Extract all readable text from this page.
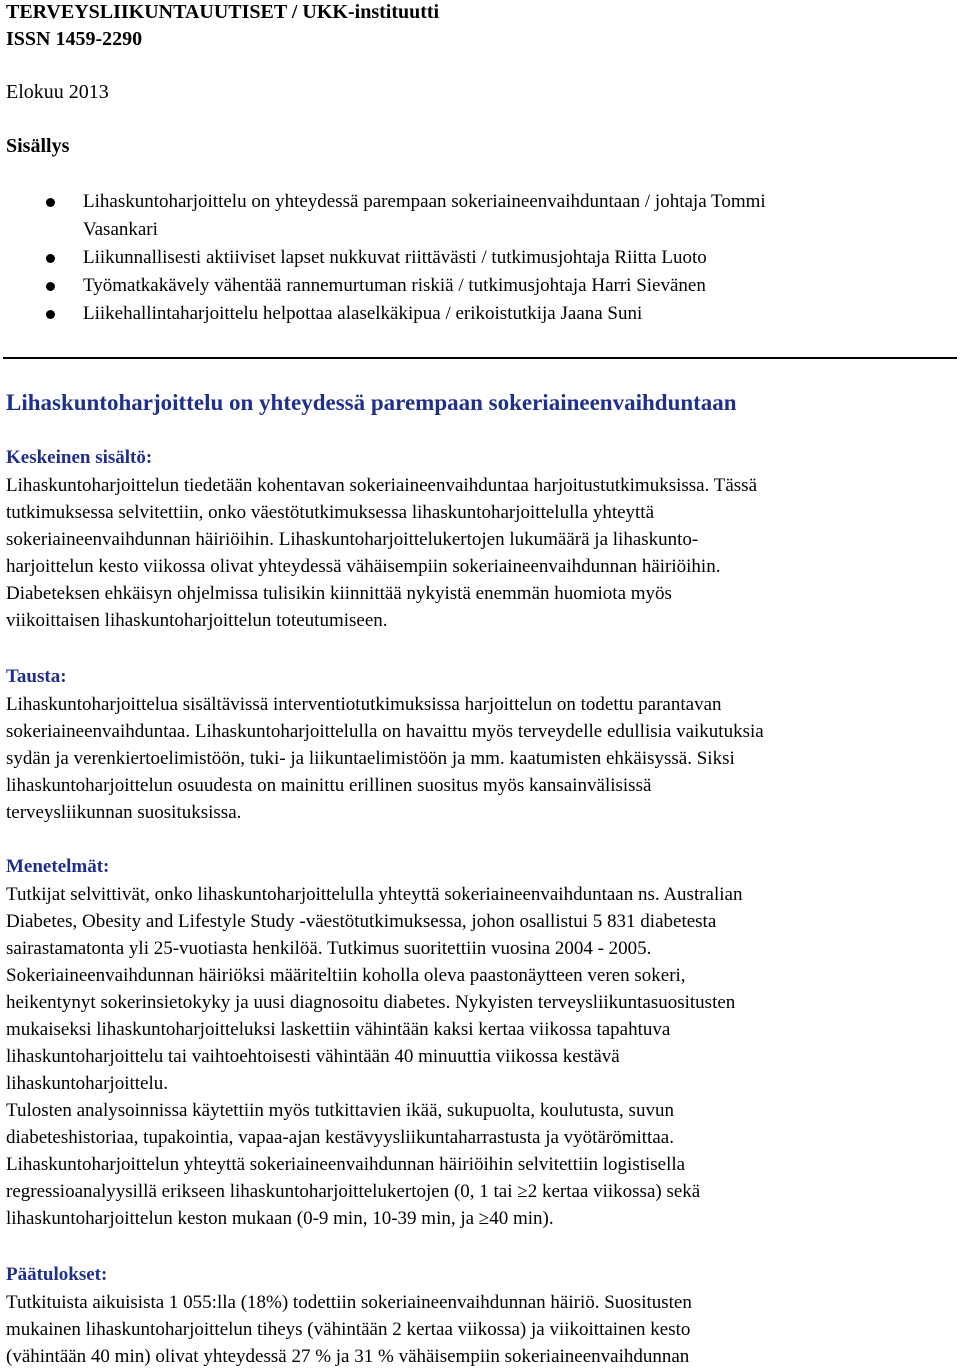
TERVEYSLIIKUNTAUUTISET / UKK-instituutti
ISSN 1459-2290
Elokuu 2013
Sisällys
Lihaskuntoharjoittelu on yhteydessä parempaan sokeriaineenvaihduntaan / johtaja Tommi
Vasankari
Liikunnallisesti aktiiviset lapset nukkuvat riittävästi / tutkimusjohtaja Riitta Luoto
Työmatkakävely vähentää rannemurtuman riskiä / tutkimusjohtaja Harri Sievänen
Liikehallintaharjoittelu helpottaa alaselkäkipua / erikoistutkija Jaana Suni
Lihaskuntoharjoittelu on yhteydessä parempaan sokeriaineenvaihduntaan
Keskeinen sisältö:

Lihaskuntoharjoittelun tiedetään kohentavan sokeriaineenvaihduntaa harjoitustutkimuksissa. Tässä
tutkimuksessa selvitettiin, onko väestötutkimuksessa lihaskuntoharjoittelulla yhteyttä
sokeriaineenvaihdunnan häiriöihin. Lihaskuntoharjoittelukertojen lukumäärä ja lihaskunto-
harjoittelun kesto viikossa olivat yhteydessä vähäisempiin sokeriaineenvaihdunnan häiriöihin.
Diabeteksen ehkäisyn ohjelmissa tulisikin kiinnittää nykyistä enemmän huomiota myös
viikoittaisen lihaskuntoharjoittelun toteutumiseen.

Tausta:

Lihaskuntoharjoittelua sisältävissä interventiotutkimuksissa harjoittelun on todettu parantavan
sokeriaineenvaihduntaa. Lihaskuntoharjoittelulla on havaittu myös terveydelle edullisia vaikutuksia
sydän ja verenkiertoelimistöön, tuki- ja liikuntaelimistöön ja mm. kaatumisten ehkäisyssä. Siksi
lihaskuntoharjoittelun osuudesta on mainittu erillinen suositus myös kansainvälisissä
terveysliikunnan suosituksissa.

Menetelmät:

Tutkijat selvittivät, onko lihaskuntoharjoittelulla yhteyttä sokeriaineenvaihduntaan ns. Australian
Diabetes, Obesity and Lifestyle Study -väestötutkimuksessa, johon osallistui 5 831 diabetesta
sairastamatonta yli 25-vuotiasta henkilöä. Tutkimus suoritettiin vuosina 2004 - 2005.
Sokeriaineenvaihdunnan häiriöksi määriteltiin koholla oleva paastonäytteen veren sokeri,
heikentynyt sokerinsietokyky ja uusi diagnosoitu diabetes. Nykyisten terveysliikuntasuositusten
mukaiseksi lihaskuntoharjoitteluksi laskettiin vähintään kaksi kertaa viikossa tapahtuva
lihaskuntoharjoittelu tai vaihtoehtoisesti vähintään 40 minuuttia viikossa kestävä
lihaskuntoharjoittelu.
Tulosten analysoinnissa käytettiin myös tutkittavien ikää, sukupuolta, koulutusta, suvun
diabeteshistoriaa, tupakointia, vapaa-ajan kestävyysliikuntaharrastusta ja vyötärömittaa.
Lihaskuntoharjoittelun yhteyttä sokeriaineenvaihdunnan häiriöihin selvitettiin logistisella
regressioanalyysillä erikseen lihaskuntoharjoittelukertojen (0, 1 tai ≥2 kertaa viikossa) sekä
lihaskuntoharjoittelun keston mukaan (0-9 min, 10-39 min, ja ≥40 min).

Päätulokset:

Tutkituista aikuisista 1 055:lla (18%) todettiin sokeriaineenvaihdunnan häiriö. Suositusten
mukainen lihaskuntoharjoittelun tiheys (vähintään 2 kertaa viikossa) ja viikoittainen kesto
(vähintään 40 min) olivat yhteydessä 27 % ja 31 % vähäisempiin sokeriaineenvaihdunnan
